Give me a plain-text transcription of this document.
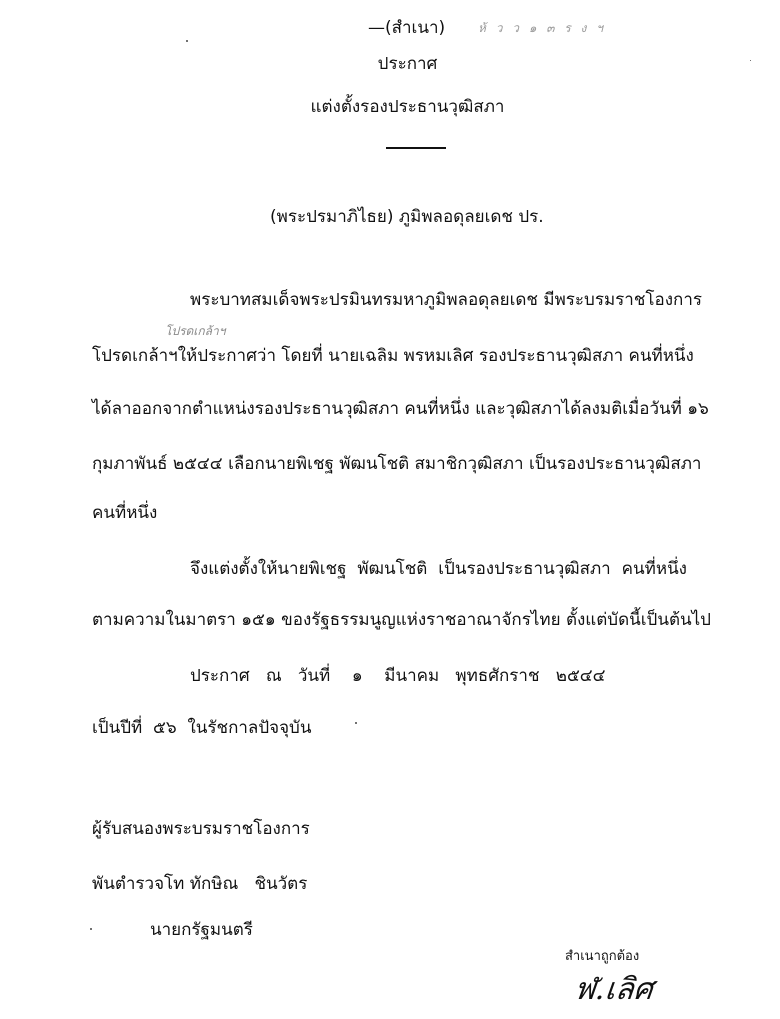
—(สำเนา)	ห้ ว ว ๑ ๓ ร ง ฯ
ประกาศ
แต่งตั้งรองประธานวุฒิสภา
(พระปรมาภิไธย) ภูมิพลอดุลยเดช ปร.
โปรดเกล้าฯ
พระบาทสมเด็จพระปรมินทรมหาภูมิพลอดุลยเดช มีพระบรมราชโองการ
โปรดเกล้าฯให้ประกาศว่า โดยที่ นายเฉลิม พรหมเลิศ รองประธานวุฒิสภา คนที่หนึ่ง
ได้ลาออกจากตำแหน่งรองประธานวุฒิสภา คนที่หนึ่ง และวุฒิสภาได้ลงมติเมื่อวันที่ ๑๖
กุมภาพันธ์ ๒๕๔๔ เลือกนายพิเชฐ พัฒนโชติ สมาชิกวุฒิสภา เป็นรองประธานวุฒิสภา
คนที่หนึ่ง
จึงแต่งตั้งให้นายพิเชฐ พัฒนโชติ เป็นรองประธานวุฒิสภา คนที่หนึ่ง
ตามความในมาตรา ๑๕๑ ของรัฐธรรมนูญแห่งราชอาณาจักรไทย ตั้งแต่บัดนี้เป็นต้นไป
ประกาศ   ณ   วันที่    ๑    มีนาคม   พุทธศักราช   ๒๕๔๔
เป็นปีที่  ๕๖  ในรัชกาลปัจจุบัน
ผู้รับสนองพระบรมราชโองการ
พันตำรวจโท ทักษิณ   ชินวัตร
นายกรัฐมนตรี
สำเนาถูกต้อง
ฬ.เลิศ
